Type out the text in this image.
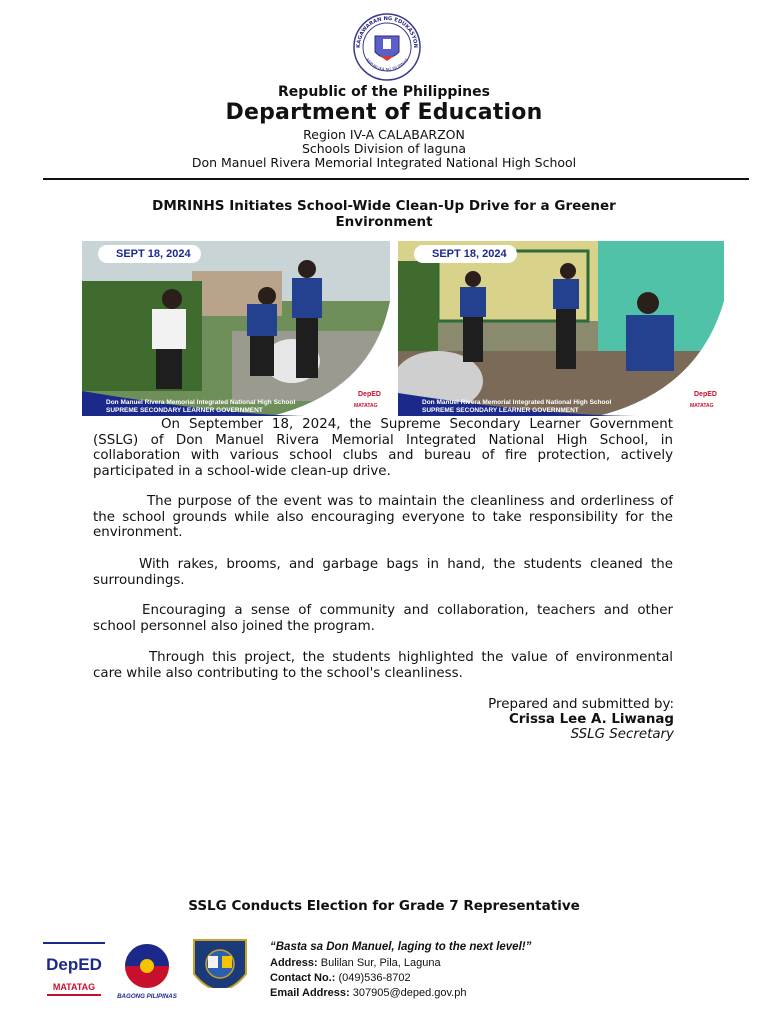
KAGAWARAN NG EDUKASYON
REPUBLIKA NG PILIPINAS
Republic of the Philippines
Department of Education
Region IV-A CALABARZON
Schools Division of laguna
Don Manuel Rivera Memorial Integrated National High School
DMRINHS Initiates School-Wide Clean-Up Drive for a Greener Environment
SEPT 18, 2024
Don Manuel Rivera Memorial Integrated National High School
SUPREME SECONDARY LEARNER GOVERNMENT
DepED
MATATAG
SEPT 18, 2024
Don Manuel Rivera Memorial Integrated National High School
SUPREME SECONDARY LEARNER GOVERNMENT
DepED
MATATAG

On September 18, 2024, the Supreme Secondary Learner Government (SSLG) of Don Manuel Rivera Memorial Integrated National High School, in collaboration with various school clubs and bureau of fire protection, actively participated in a school-wide clean-up drive.

The purpose of the event was to maintain the cleanliness and orderliness of the school grounds while also encouraging everyone to take responsibility for the environment.

With rakes, brooms, and garbage bags in hand, the students cleaned the surroundings.

Encouraging a sense of community and collaboration, teachers and other school personnel also joined the program.

Through this project, the students highlighted the value of environmental care while also contributing to the school's cleanliness.

Prepared and submitted by:
Crissa Lee A. Liwanag
SSLG Secretary
SSLG Conducts Election for Grade 7 Representative
DepED
MATATAG
BAGONG PILIPINAS
“Basta sa Don Manuel, laging to the next level!”
Address: Bulilan Sur, Pila, Laguna
Contact No.: (049)536-8702
Email Address: 307905@deped.gov.ph
